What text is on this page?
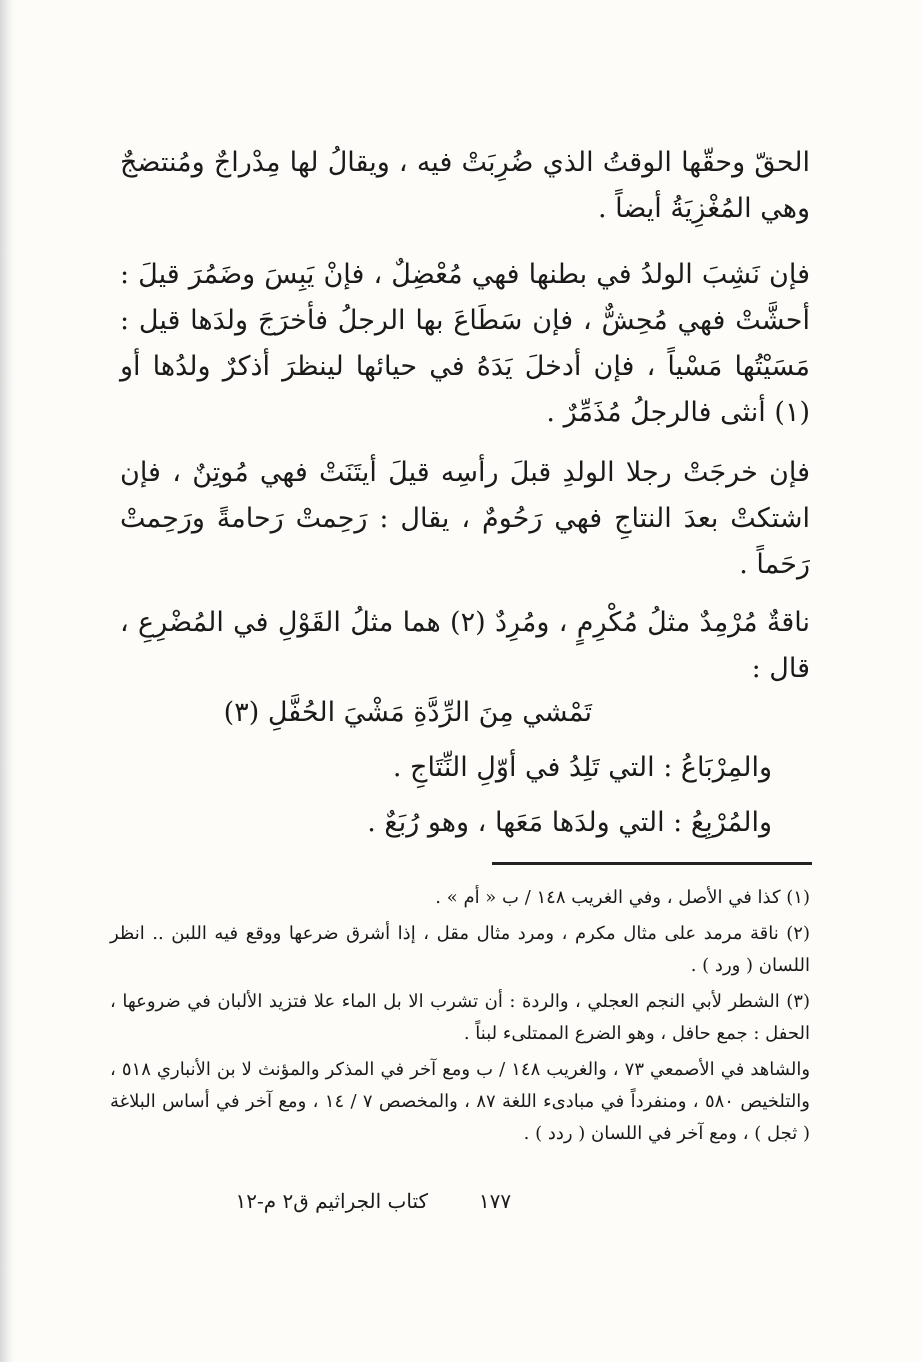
الحقّ وحقّها الوقتُ الذي ضُرِبَتْ فيه ، ويقالُ لها مِدْراجٌ ومُنتضجٌ وهي المُغْزِيَةُ أيضاً .

فإن نَشِبَ الولدُ في بطنها فهي مُعْضِلٌ ، فإنْ يَبِسَ وضَمُرَ قيلَ : أحشَّتْ فهي مُحِشٌّ ، فإن سَطَاعَ بها الرجلُ فأخرَجَ ولدَها قيل : مَسَيْتُها مَسْياً ، فإن أدخلَ يَدَهُ في حيائها لينظرَ أذكرٌ ولدُها أو (١) أنثى فالرجلُ مُذَمِّرٌ .

فإن خرجَتْ رجلا الولدِ قبلَ رأسِه قيلَ أيتَنَتْ فهي مُوتِنٌ ، فإن اشتكتْ بعدَ النتاجِ فهي رَحُومٌ ، يقال : رَحِمتْ رَحامةً ورَحِمتْ رَحَماً .

ناقةٌ مُرْمِدٌ مثلُ مُكْرِمٍ ، ومُرِدٌ (٢) هما مثلُ القَوْلِ في المُضْرِعِ ، قال :

تَمْشي مِنَ الرِّدَّةِ مَشْيَ الحُفَّلِ (٣)
والمِرْبَاعُ : التي تَلِدُ في أوّلِ النِّتَاجِ .
والمُرْبِعُ : التي ولدَها مَعَها ، وهو رُبَعٌ .

(١) كذا في الأصل ، وفي الغريب ١٤٨ / ب « أم » .

(٢) ناقة مرمد على مثال مكرم ، ومرد مثال مقل ، إذا أشرق ضرعها ووقع فيه اللبن .. انظر اللسان ( ورد ) .

(٣) الشطر لأبي النجم العجلي ، والردة : أن تشرب الا بل الماء علا فتزيد الألبان في ضروعها ، الحفل : جمع حافل ، وهو الضرع الممتلىء لبناً .

والشاهد في الأصمعي ٧٣ ، والغريب ١٤٨ / ب ومع آخر في المذكر والمؤنث لا بن الأنباري ٥١٨ ، والتلخيص ٥٨٠ ، ومنفرداً في مبادىء اللغة ٨٧ ، والمخصص ٧ / ١٤ ، ومع آخر في أساس البلاغة ( ثجل ) ، ومع آخر في اللسان ( ردد ) .

١٧٧
كتاب الجراثيم ق٢ م-١٢
